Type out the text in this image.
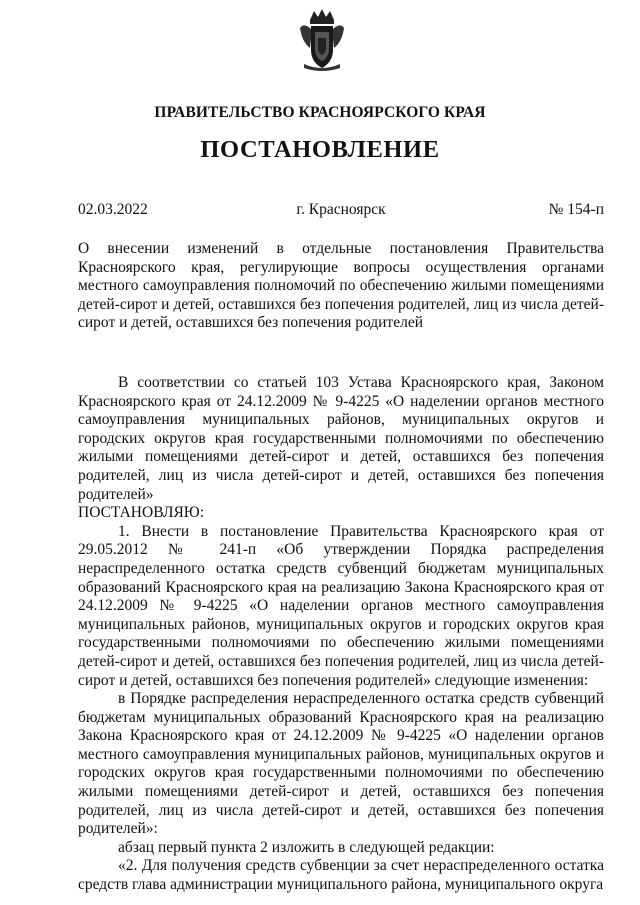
ПРАВИТЕЛЬСТВО КРАСНОЯРСКОГО КРАЯ
ПОСТАНОВЛЕНИЕ
02.03.2022	г. Красноярск	№ 154-п
О внесении изменений в отдельные постановления Правительства Красноярского края, регулирующие вопросы осуществления органами местного самоуправления полномочий по обеспечению жилыми помещениями детей-сирот и детей, оставшихся без попечения родителей, лиц из числа детей-сирот и детей, оставшихся без попечения родителей

В соответствии со статьей 103 Устава Красноярского края, Законом Красноярского края от 24.12.2009 № 9-4225 «О наделении органов местного самоуправления муниципальных районов, муниципальных округов и городских округов края государственными полномочиями по обеспечению жилыми помещениями детей-сирот и детей, оставшихся без попечения родителей, лиц из числа детей-сирот и детей, оставшихся без попечения родителей»

ПОСТАНОВЛЯЮ:

1. Внести в постановление Правительства Красноярского края от 29.05.2012 № 241-п «Об утверждении Порядка распределения нераспределенного остатка средств субвенций бюджетам муниципальных образований Красноярского края на реализацию Закона Красноярского края от 24.12.2009 № 9-4225 «О наделении органов местного самоуправления муниципальных районов, муниципальных округов и городских округов края государственными полномочиями по обеспечению жилыми помещениями детей-сирот и детей, оставшихся без попечения родителей, лиц из числа детей-сирот и детей, оставшихся без попечения родителей» следующие изменения:

в Порядке распределения нераспределенного остатка средств субвенций бюджетам муниципальных образований Красноярского края на реализацию Закона Красноярского края от 24.12.2009 № 9-4225 «О наделении органов местного самоуправления муниципальных районов, муниципальных округов и городских округов края государственными полномочиями по обеспечению жилыми помещениями детей-сирот и детей, оставшихся без попечения родителей, лиц из числа детей-сирот и детей, оставшихся без попечения родителей»:

абзац первый пункта 2 изложить в следующей редакции:

«2. Для получения средств субвенции за счет нераспределенного остатка средств глава администрации муниципального района, муниципального округа
